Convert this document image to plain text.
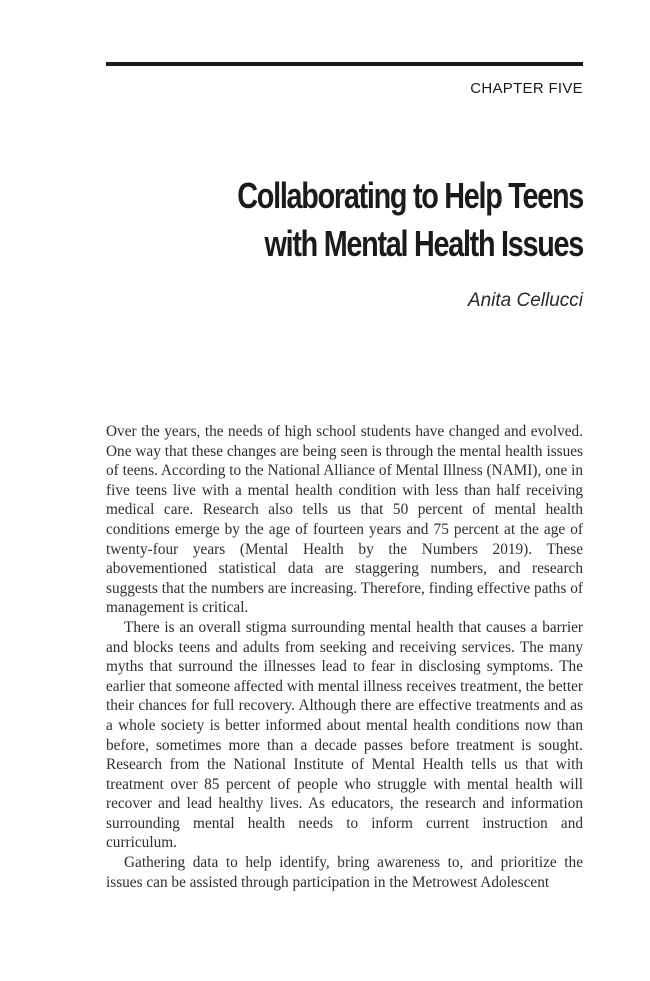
CHAPTER FIVE
Collaborating to Help Teens
with Mental Health Issues
Anita Cellucci

Over the years, the needs of high school students have changed and evolved. One way that these changes are being seen is through the mental health issues of teens. According to the National Alliance of Mental Illness (NAMI), one in five teens live with a mental health condition with less than half receiving medical care. Research also tells us that 50 percent of mental health conditions emerge by the age of fourteen years and 75 percent at the age of twenty-four years (Mental Health by the Numbers 2019). These abovementioned statistical data are staggering numbers, and research suggests that the numbers are increasing. Therefore, finding effective paths of management is critical.

There is an overall stigma surrounding mental health that causes a barrier and blocks teens and adults from seeking and receiving services. The many myths that surround the illnesses lead to fear in disclosing symptoms. The earlier that someone affected with mental illness receives treatment, the better their chances for full recovery. Although there are effective treatments and as a whole society is better informed about mental health conditions now than before, sometimes more than a decade passes before treatment is sought. Research from the National Institute of Mental Health tells us that with treatment over 85 percent of people who struggle with mental health will recover and lead healthy lives. As educators, the research and information surrounding mental health needs to inform current instruction and curriculum.

Gathering data to help identify, bring awareness to, and prioritize the issues can be assisted through participation in the Metrowest Adolescent
